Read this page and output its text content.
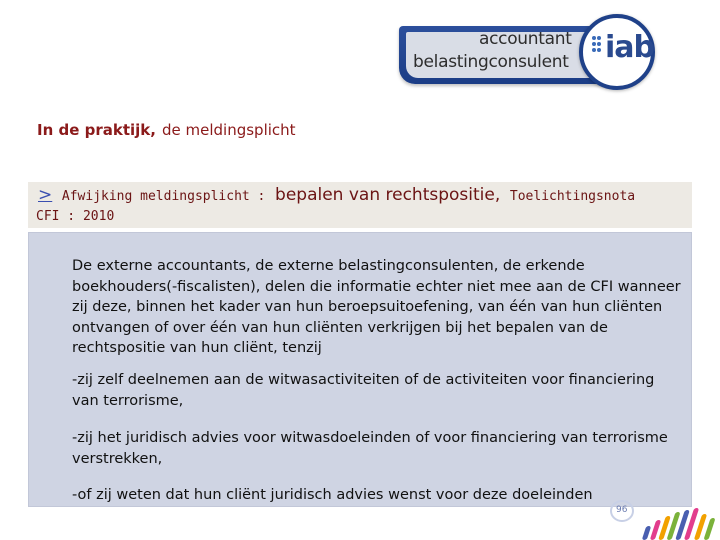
accountant
belastingconsulent iab
In de praktijk, de meldingsplicht
> Afwijking meldingsplicht : bepalen van rechtspositie, Toelichtingsnota
CFI : 2010
De externe accountants, de externe belastingconsulenten, de erkende boekhouders(-fiscalisten), delen die informatie echter niet mee aan de CFI wanneer zij deze, binnen het kader van hun beroepsuitoefening, van één van hun cliënten ontvangen of over één van hun cliënten verkrijgen bij het bepalen van de rechtspositie van hun cliënt, tenzij
-zij zelf deelnemen aan de witwasactiviteiten of de activiteiten voor financiering van terrorisme,
-zij het juridisch advies voor witwasdoeleinden of voor financiering van terrorisme verstrekken,
-of zij weten dat hun cliënt juridisch advies wenst voor deze doeleinden
96
